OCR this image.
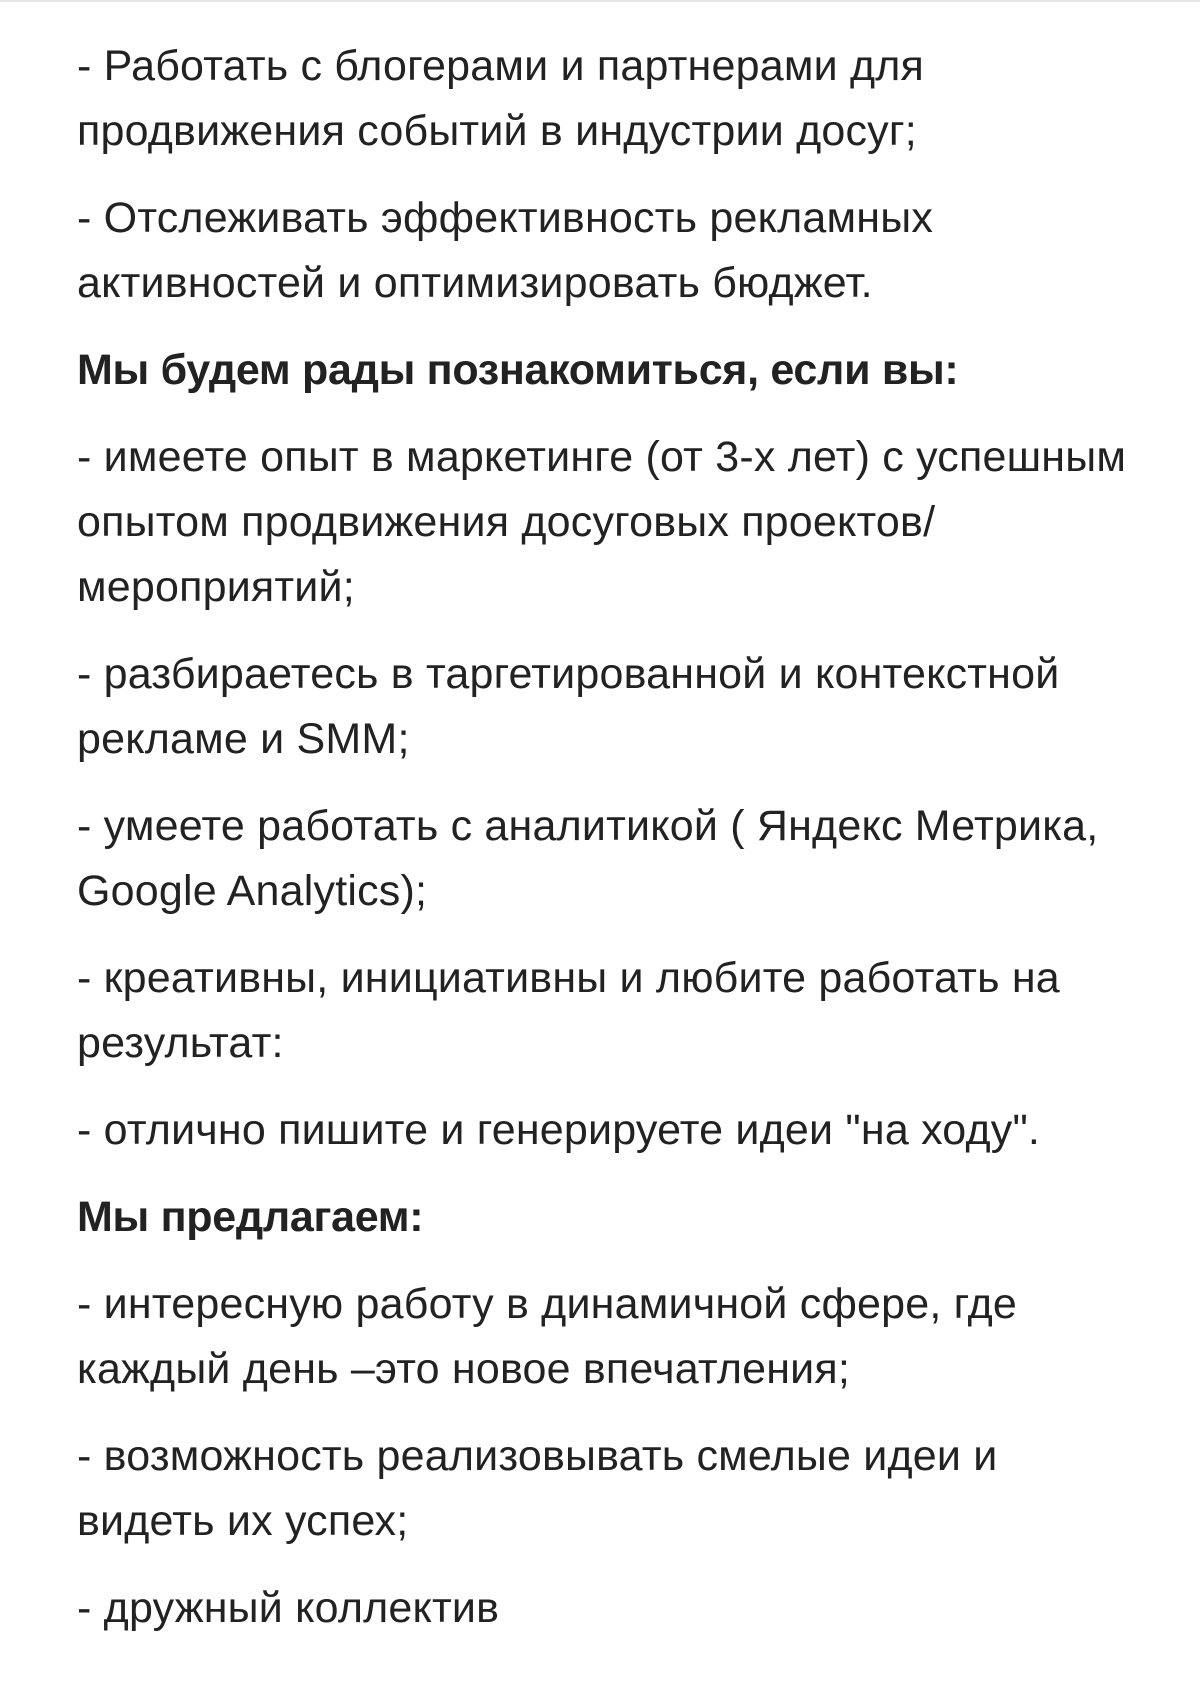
- Работать с блогерами и партнерами для продвижения событий в индустрии досуг;

- Отслеживать эффективность рекламных активностей и оптимизировать бюджет.

Мы будем рады познакомиться, если вы:

- имеете опыт в маркетинге (от 3-х лет) с успешным опытом продвижения досуговых проектов/ мероприятий;

- разбираетесь в таргетированной и контекстной рекламе и SMM;

- умеете работать с аналитикой ( Яндекс Метрика, Google Analytics);

- креативны, инициативны и любите работать на результат:

- отлично пишите и генерируете идеи "на ходу".

Мы предлагаем:

- интересную работу в динамичной сфере, где каждый день –это новое впечатления;

- возможность реализовывать смелые идеи и видеть их успех;

- дружный коллектив
